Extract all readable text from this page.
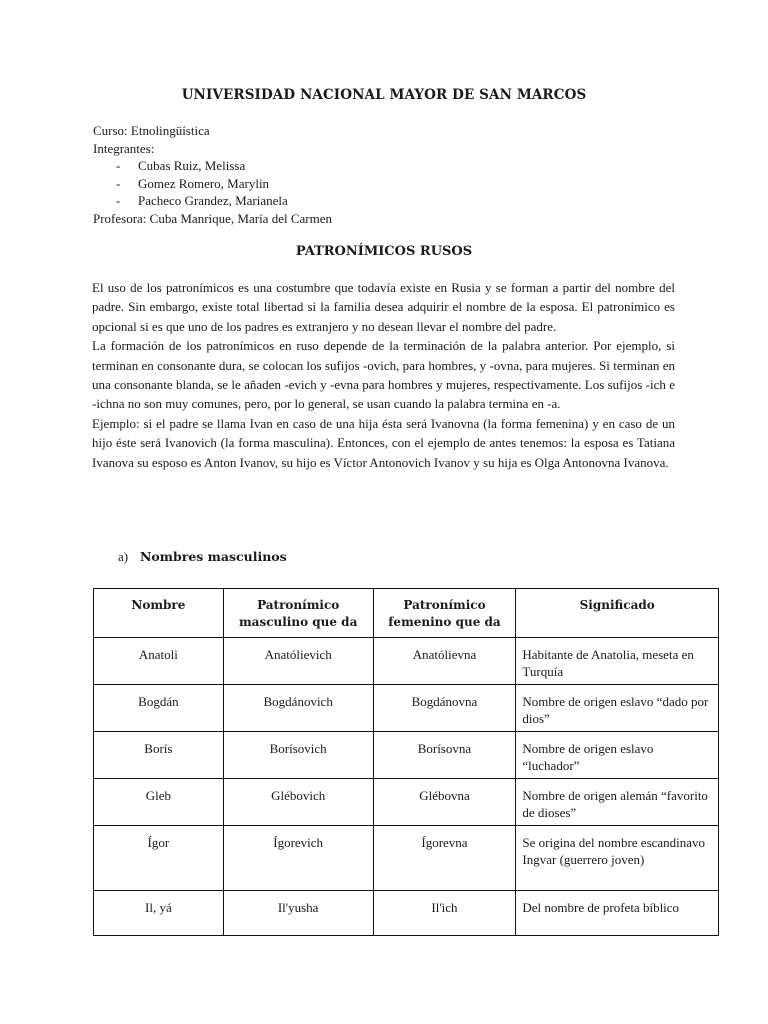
UNIVERSIDAD NACIONAL MAYOR DE SAN MARCOS
Curso: Etnolingüística
Integrantes:
-	Cubas Ruiz, Melissa
-	Gomez Romero, Marylin
-	Pacheco Grandez, Marianela
Profesora: Cuba Manrique, María del Carmen
PATRONÍMICOS RUSOS

El uso de los patronímicos es una costumbre que todavía existe en Rusia y se forman a partir del nombre del padre. Sin embargo, existe total libertad si la familia desea adquirir el nombre de la esposa. El patronímico es opcional si es que uno de los padres es extranjero y no desean llevar el nombre del padre.

La formación de los patronímicos en ruso depende de la terminación de la palabra anterior. Por ejemplo, si terminan en consonante dura, se colocan los sufijos -ovich, para hombres, y -ovna, para mujeres. Si terminan en una consonante blanda, se le añaden -evich y -evna para hombres y mujeres, respectivamente. Los sufijos -ich e -ichna no son muy comunes, pero, por lo general, se usan cuando la palabra termina en -a.

Ejemplo: si el padre se llama Ivan en caso de una hija ésta será Ivanovna (la forma femenina) y en caso de un hijo éste será Ivanovich (la forma masculina). Entonces, con el ejemplo de antes tenemos: la esposa es Tatiana Ivanova su esposo es Anton Ivanov, su hijo es Víctor Antonovich Ivanov y su hija es Olga Antonovna Ivanova.

a) Nombres masculinos
Nombre	Patronímico masculino que da	Patronímico femenino que da	Significado
Anatoli	Anatólievich	Anatólievna	Habitante de Anatolia, meseta en Turquía
Bogdán	Bogdánovich	Bogdánovna	Nombre de origen eslavo “dado por dios”
Borís	Borísovich	Borísovna	Nombre de origen eslavo “luchador”
Gleb	Glébovich	Glébovna	Nombre de origen alemán “favorito de dioses”
Ígor	Ígorevich	Ígorevna	Se origina del nombre escandinavo Ingvar (guerrero joven)
Il, yá	Il'yusha	Il'ich	Del nombre de profeta bíblico
